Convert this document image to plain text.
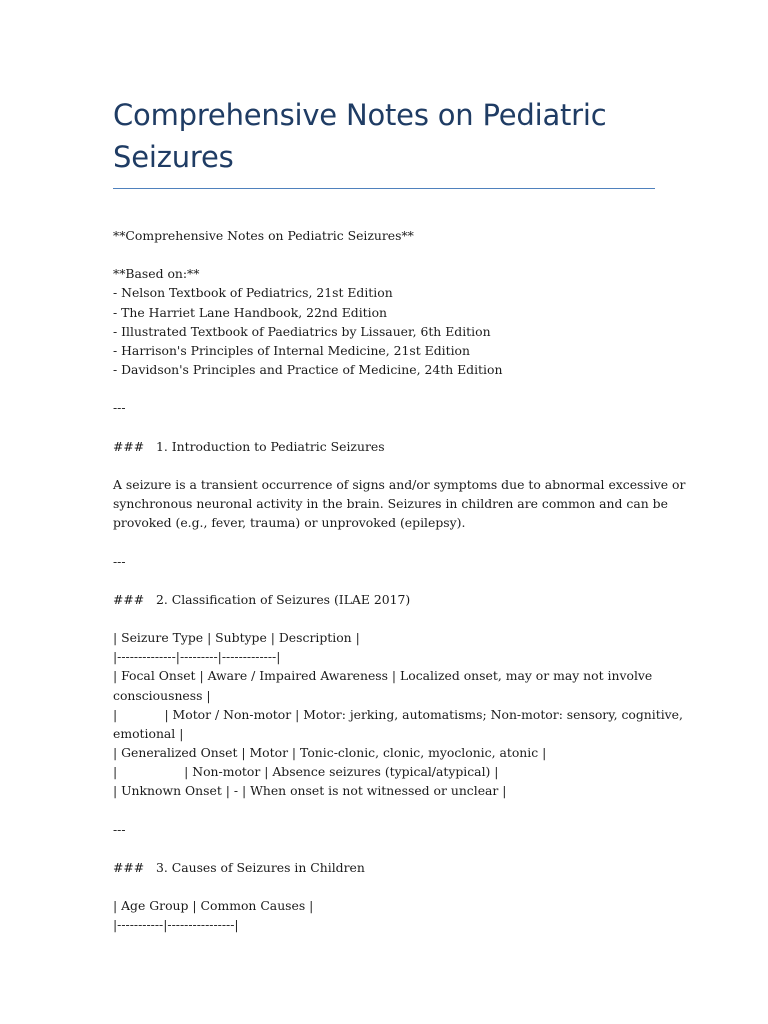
Comprehensive Notes on Pediatric
Seizures
**Comprehensive Notes on Pediatric Seizures**
**Based on:**
- Nelson Textbook of Pediatrics, 21st Edition
- The Harriet Lane Handbook, 22nd Edition
- Illustrated Textbook of Paediatrics by Lissauer, 6th Edition
- Harrison's Principles of Internal Medicine, 21st Edition
- Davidson's Principles and Practice of Medicine, 24th Edition
---
###   1. Introduction to Pediatric Seizures
A seizure is a transient occurrence of signs and/or symptoms due to abnormal excessive or
synchronous neuronal activity in the brain. Seizures in children are common and can be
provoked (e.g., fever, trauma) or unprovoked (epilepsy).
---
###   2. Classification of Seizures (ILAE 2017)
| Seizure Type | Subtype | Description |
|--------------|---------|-------------|
| Focal Onset | Aware / Impaired Awareness | Localized onset, may or may not involve
consciousness |
|            | Motor / Non-motor | Motor: jerking, automatisms; Non-motor: sensory, cognitive,
emotional |
| Generalized Onset | Motor | Tonic-clonic, clonic, myoclonic, atonic |
|                 | Non-motor | Absence seizures (typical/atypical) |
| Unknown Onset | - | When onset is not witnessed or unclear |
---
###   3. Causes of Seizures in Children
| Age Group | Common Causes |
|-----------|----------------|
